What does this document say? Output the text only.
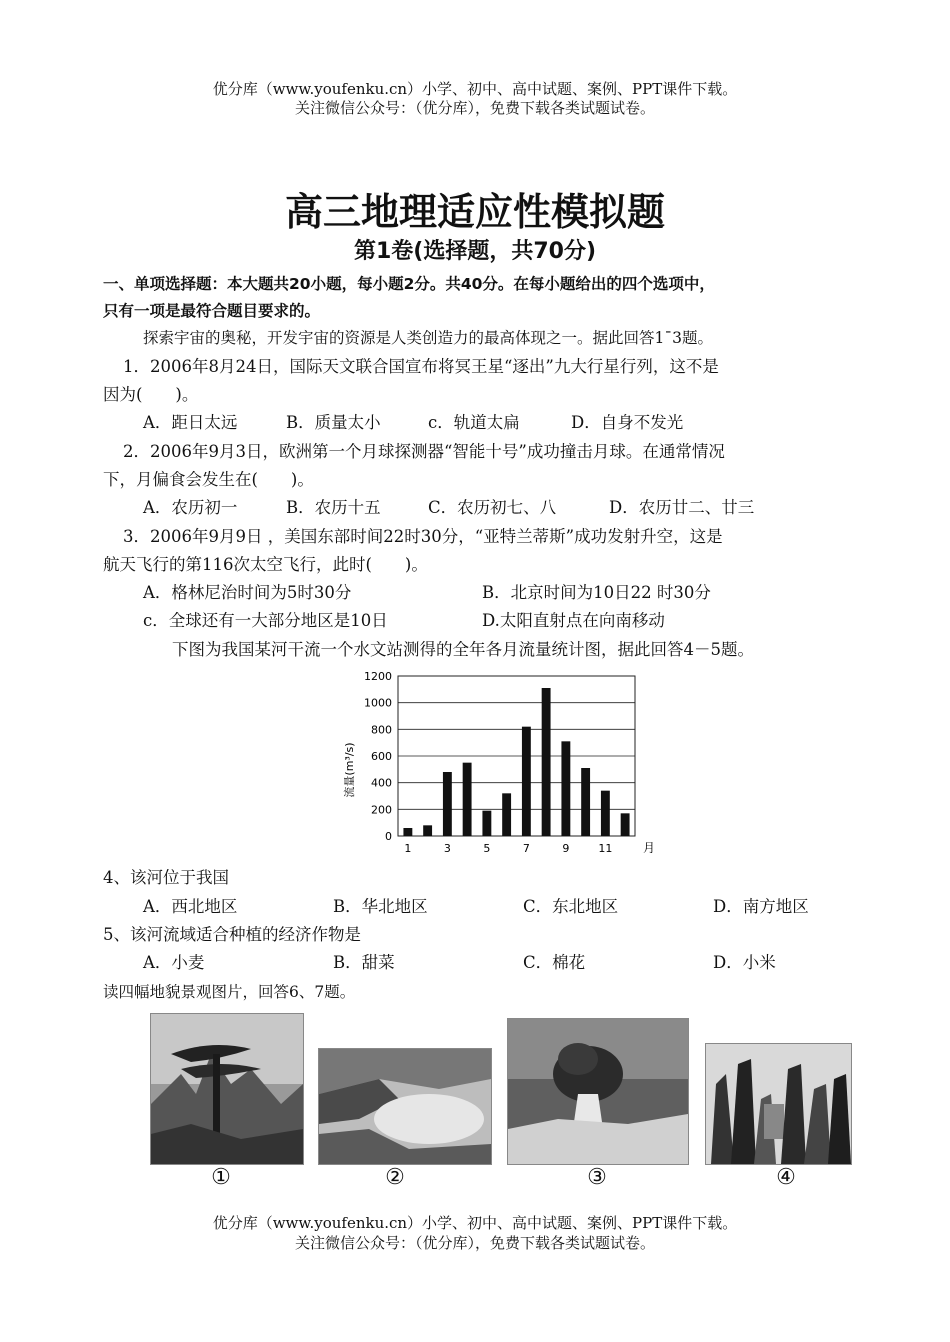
优分库（www.youfenku.cn）小学、初中、高中试题、案例、PPT课件下载。
关注微信公众号：（优分库），免费下载各类试题试卷。
高三地理适应性模拟题
第1卷(选择题，共70分)
一、单项选择题：本大题共20小题，每小题2分。共40分。在每小题给出的四个选项中，
只有一项是最符合题目要求的。
探索宇宙的奥秘，开发宇宙的资源是人类创造力的最高体现之一。据此回答1¯3题。
1．2006年8月24日，国际天文联合国宣布将冥王星“逐出”九大行星行列，这不是
因为(　　)。
A．距日太远	B．质量太小	c．轨道太扁	D．自身不发光
2．2006年9月3日，欧洲第一个月球探测器“智能十号”成功撞击月球。在通常情况
下，月偏食会发生在(　　)。
A．农历初一	B．农历十五	C．农历初七、八	D．农历廿二、廿三
3．2006年9月9日 ，美国东部时间22时30分，“亚特兰蒂斯”成功发射升空，这是
航天飞行的第116次太空飞行，此时(　　)。
A．格林尼治时间为5时30分	B．北京时间为10日22 时30分
c．全球还有一大部分地区是10日	D.太阳直射点在向南移动
下图为我国某河干流一个水文站测得的全年各月流量统计图，据此回答4－5题。
0
200
400
600
800
1000
1200
1	3	5	7	9	11
流量(m³/s)
月
4、该河位于我国
A．西北地区	B．华北地区	C．东北地区	D．南方地区
5、该河流域适合种植的经济作物是
A．小麦	B．甜菜	C．棉花	D．小米
读四幅地貌景观图片，回答6、7题。
①	②	③	④
优分库（www.youfenku.cn）小学、初中、高中试题、案例、PPT课件下载。
关注微信公众号：（优分库），免费下载各类试题试卷。
